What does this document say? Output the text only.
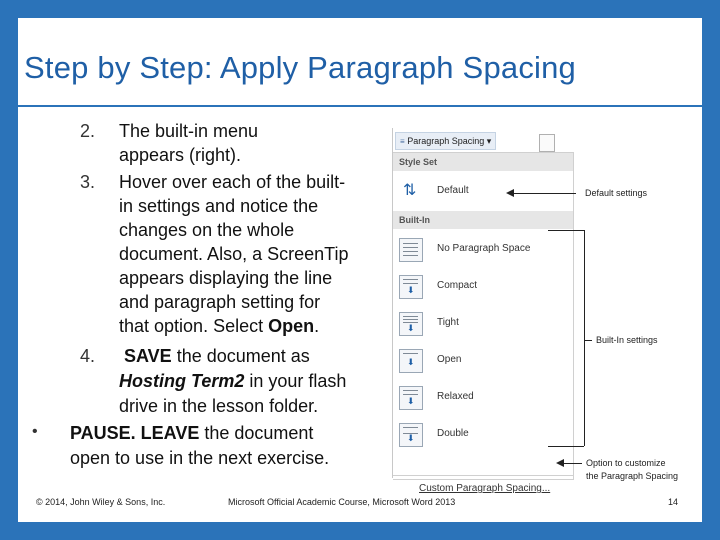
Step by Step: Apply Paragraph Spacing
2. The built-in menu
appears (right).
3. Hover over each of the built-
in settings and notice the
changes on the whole
document. Also, a ScreenTip
appears displaying the line
and paragraph setting for
that option. Select Open.
4. SAVE the document as
Hosting Term2 in your flash
drive in the lesson folder.
• PAUSE. LEAVE the document
open to use in the next exercise.
≡ Paragraph Spacing ▾
Style Set
⇅ Default
Built-In
No Paragraph Space
⬇ Compact
⬇ Tight
⬇ Open
⬇ Relaxed
⬇ Double
Custom Paragraph Spacing...
Default settings
Built-In settings
Option to customize
the Paragraph Spacing
© 2014, John Wiley & Sons, Inc.	Microsoft Official Academic Course, Microsoft Word 2013	14
